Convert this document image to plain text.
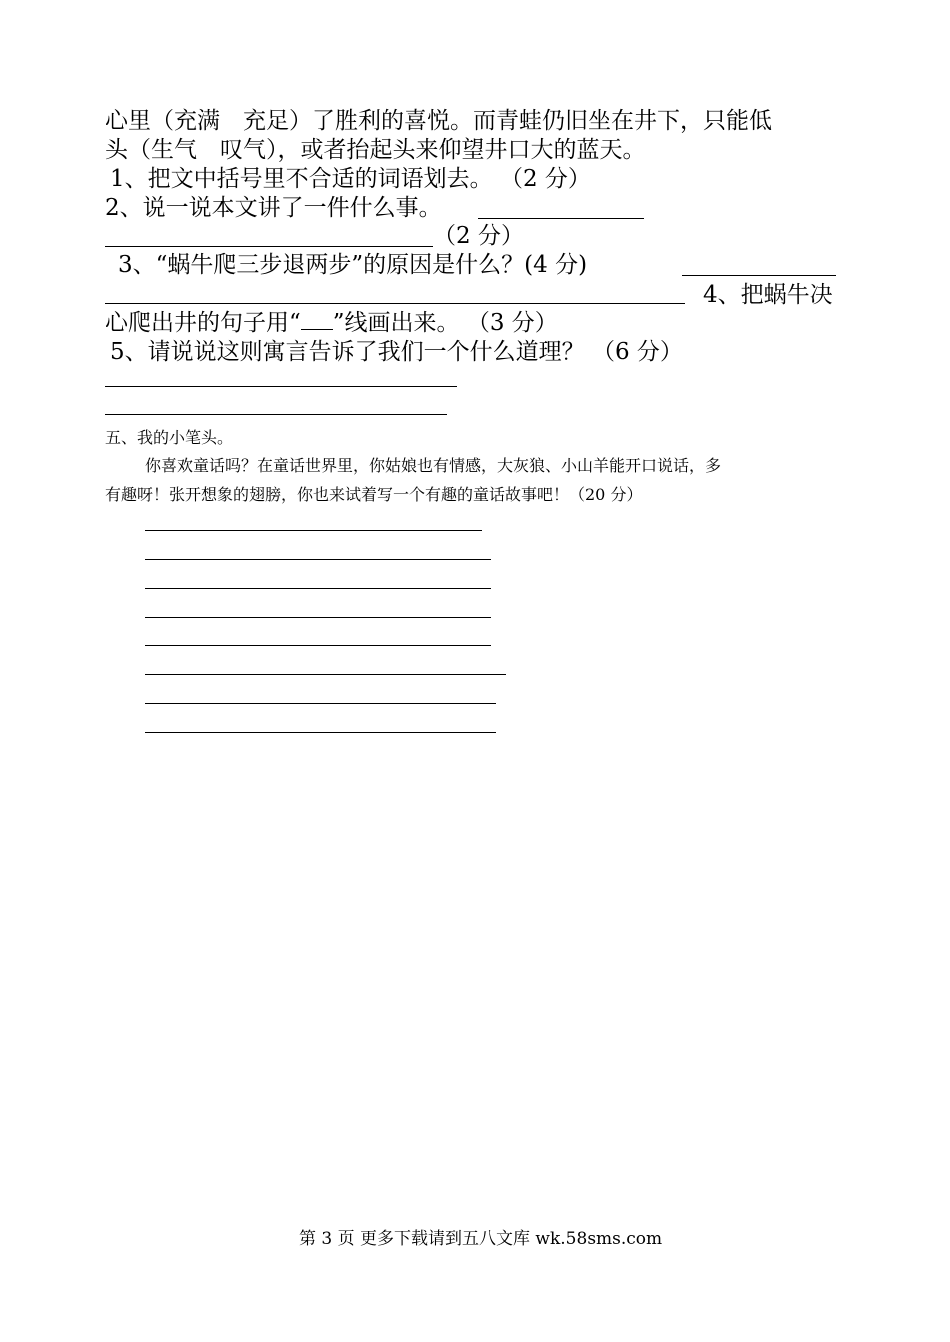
心里（充满　充足）了胜利的喜悦。而青蛙仍旧坐在井下，只能低
头（生气　叹气），或者抬起头来仰望井口大的蓝天。
1、把文中括号里不合适的词语划去。 （2 分）
2、说一说本文讲了一件什么事。
（2 分）
3、“蜗牛爬三步退两步”的原因是什么？(4 分)
4、把蜗牛决
心爬出井的句子用“ ”线画出来。 （3 分）
5、请说说这则寓言告诉了我们一个什么道理？ （6 分）
五、我的小笔头。
你喜欢童话吗？在童话世界里，你姑娘也有情感，大灰狼、小山羊能开口说话，多
有趣呀！张开想象的翅膀，你也来试着写一个有趣的童话故事吧！（20 分）
第 3 页 更多下载请到五八文库 wk.58sms.com
